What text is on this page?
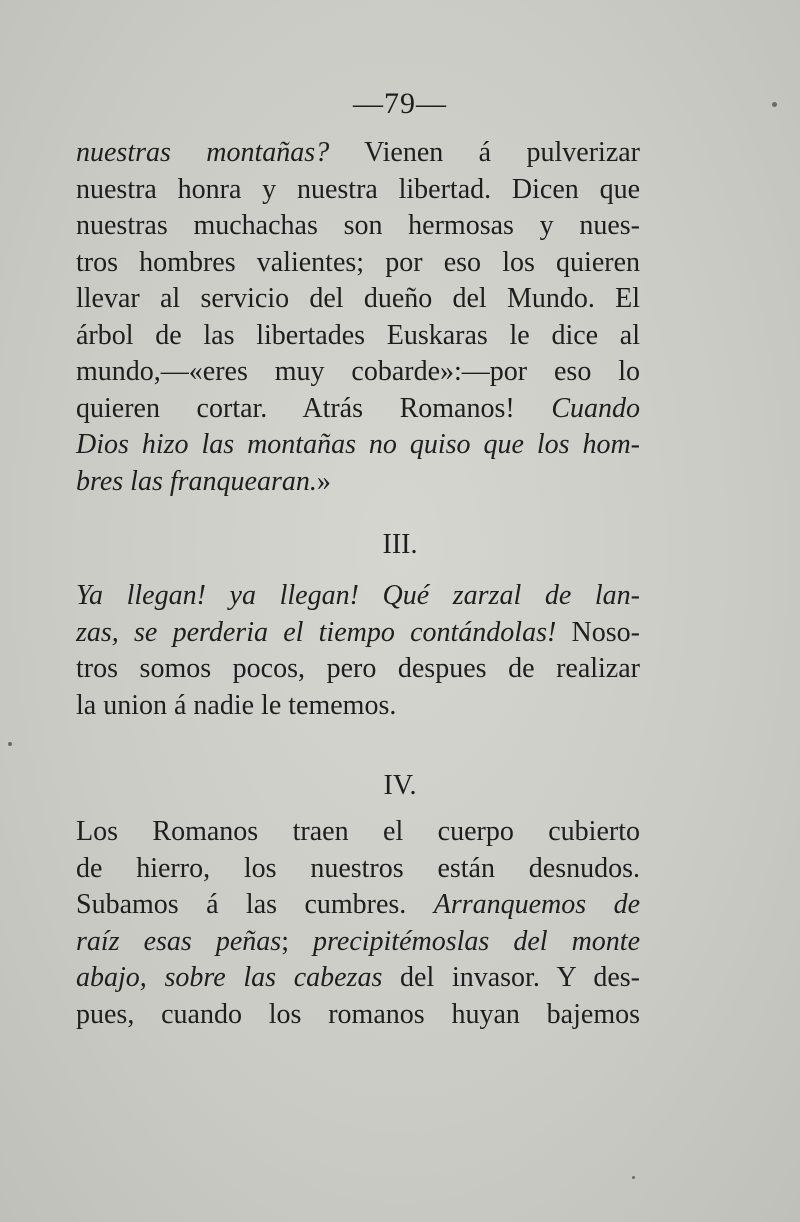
—79—
nuestras montañas? Vienen á pulverizar
nuestra honra y nuestra libertad. Dicen que
nuestras muchachas son hermosas y nues-
tros hombres valientes; por eso los quieren
llevar al servicio del dueño del Mundo. El
árbol de las libertades Euskaras le dice al
mundo,—«eres muy cobarde»:—por eso lo
quieren cortar. Atrás Romanos! Cuando
Dios hizo las montañas no quiso que los hom-
bres las franquearan.»
III.
Ya llegan! ya llegan! Qué zarzal de lan-
zas, se perderia el tiempo contándolas! Noso-
tros somos pocos, pero despues de realizar
la union á nadie le tememos.
IV.
Los Romanos traen el cuerpo cubierto
de hierro, los nuestros están desnudos.
Subamos á las cumbres. Arranquemos de
raíz esas peñas; precipitémoslas del monte
abajo, sobre las cabezas del invasor. Y des-
pues, cuando los romanos huyan bajemos
